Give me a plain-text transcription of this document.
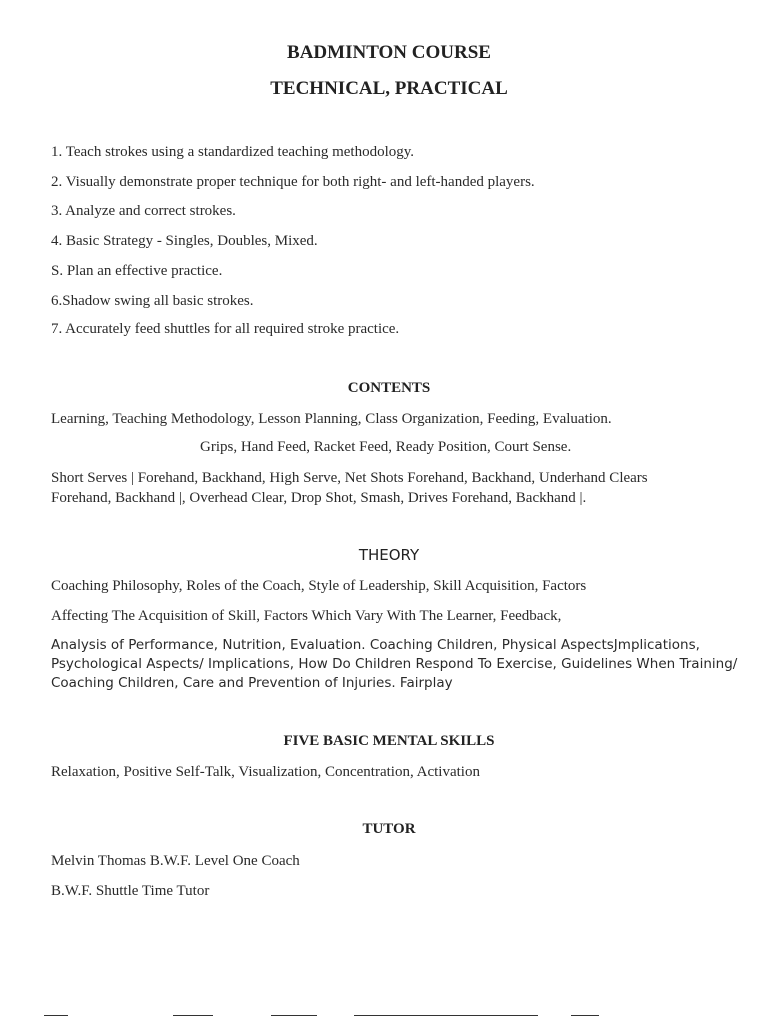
BADMINTON COURSE
TECHNICAL, PRACTICAL
1. Teach strokes using a standardized teaching methodology.
2. Visually demonstrate proper technique for both right- and left-handed players.
3. Analyze and correct strokes.
4. Basic Strategy - Singles, Doubles, Mixed.
S. Plan an effective practice.
6.Shadow swing all basic strokes.
7. Accurately feed shuttles for all required stroke practice.
CONTENTS
Learning, Teaching Methodology, Lesson Planning, Class Organization, Feeding, Evaluation.
Grips, Hand Feed, Racket Feed, Ready Position, Court Sense.
Short Serves | Forehand, Backhand, High Serve, Net Shots Forehand, Backhand, Underhand Clears
Forehand, Backhand |, Overhead Clear, Drop Shot, Smash, Drives Forehand, Backhand |.
THEORY
Coaching Philosophy, Roles of the Coach, Style of Leadership, Skill Acquisition, Factors
Affecting The Acquisition of Skill, Factors Which Vary With The Learner, Feedback,
Analysis of Performance, Nutrition, Evaluation. Coaching Children, Physical AspectsJmplications,
Psychological Aspects/ Implications, How Do Children Respond To Exercise, Guidelines When Training/
Coaching Children, Care and Prevention of Injuries. Fairplay
FIVE BASIC MENTAL SKILLS
Relaxation, Positive Self-Talk, Visualization, Concentration, Activation
TUTOR
Melvin Thomas B.W.F. Level One Coach
B.W.F. Shuttle Time Tutor
